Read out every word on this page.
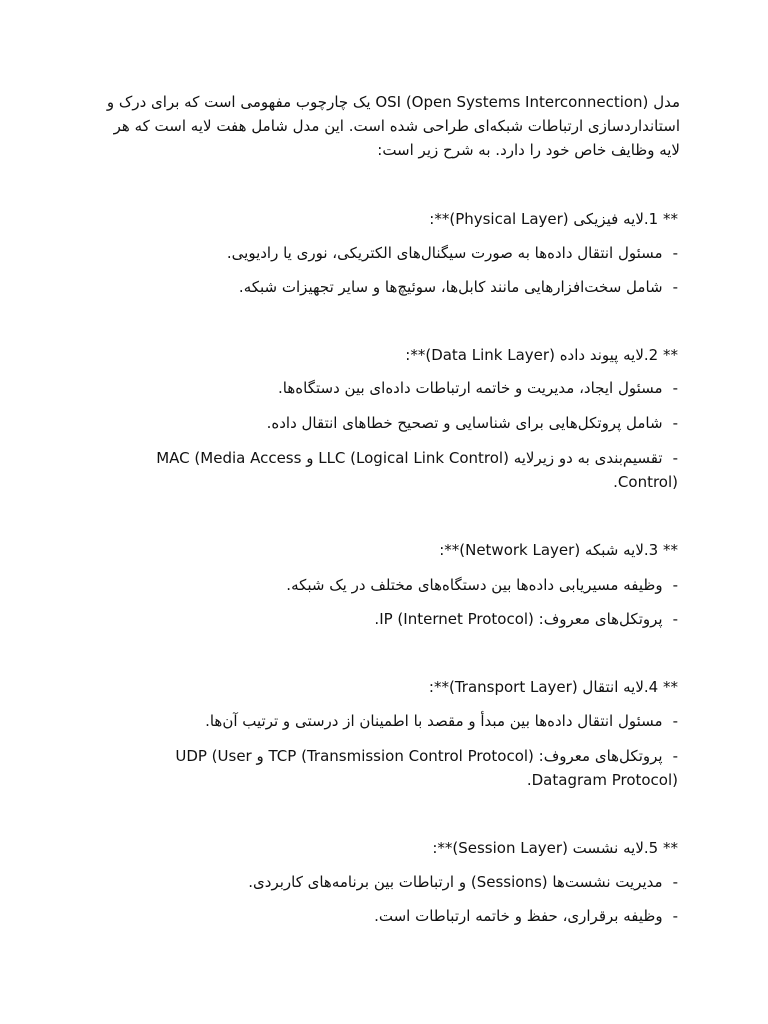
مدل OSI (Open Systems Interconnection) یک چارچوب مفهومی است که برای درک و استانداردسازی ارتباطات شبکه‌ای طراحی شده است. این مدل شامل هفت لایه است که هر لایه وظایف خاص خود را دارد. به شرح زیر است:

** 1.لایه فیزیکی (Physical Layer)**:
-مسئول انتقال داده‌ها به صورت سیگنال‌های الکتریکی، نوری یا رادیویی.
-شامل سخت‌افزارهایی مانند کابل‌ها، سوئیچ‌ها و سایر تجهیزات شبکه.
** 2.لایه پیوند داده (Data Link Layer)**:
-مسئول ایجاد، مدیریت و خاتمه ارتباطات داده‌ای بین دستگاه‌ها.
-شامل پروتکل‌هایی برای شناسایی و تصحیح خطاهای انتقال داده.
-تقسیم‌بندی به دو زیرلایه LLC (Logical Link Control) و MAC (Media Access Control).
** 3.لایه شبکه (Network Layer)**:
-وظیفه مسیریابی داده‌ها بین دستگاه‌های مختلف در یک شبکه.
-پروتکل‌های معروف: IP (Internet Protocol).
** 4.لایه انتقال (Transport Layer)**:
-مسئول انتقال داده‌ها بین مبدأ و مقصد با اطمینان از درستی و ترتیب آن‌ها.
-پروتکل‌های معروف: TCP (Transmission Control Protocol) و UDP (User Datagram Protocol).
** 5.لایه نشست (Session Layer)**:
-مدیریت نشست‌ها (Sessions) و ارتباطات بین برنامه‌های کاربردی.
-وظیفه برقراری، حفظ و خاتمه ارتباطات است.
